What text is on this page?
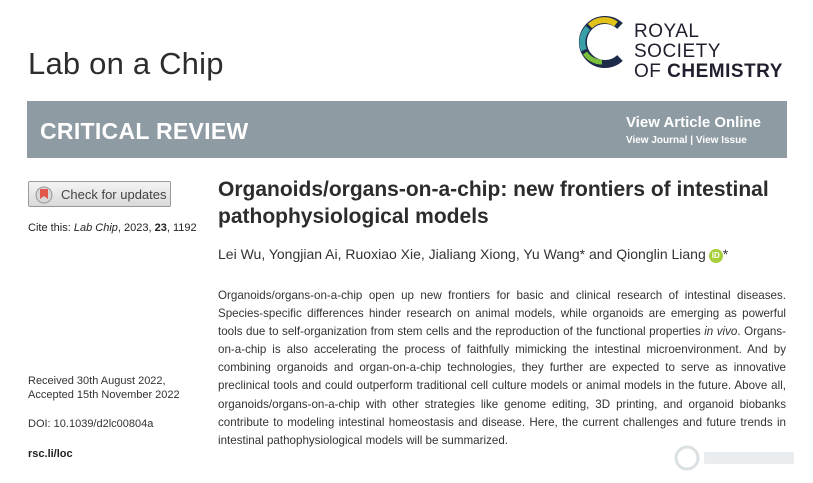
Lab on a Chip
ROYAL SOCIETY
OF CHEMISTRY
CRITICAL REVIEW	View Article Online
View Journal | View Issue
Check for updates
Cite this: Lab Chip, 2023, 23, 1192
Organoids/organs-on-a-chip: new frontiers of intestinal pathophysiological models
Lei Wu, Yongjian Ai, Ruoxiao Xie, Jialiang Xiong, Yu Wang* and Qionglin Liang iD *
Organoids/organs-on-a-chip open up new frontiers for basic and clinical research of intestinal diseases. Species-specific differences hinder research on animal models, while organoids are emerging as powerful tools due to self-organization from stem cells and the reproduction of the functional properties in vivo. Organs-on-a-chip is also accelerating the process of faithfully mimicking the intestinal microenvironment. And by combining organoids and organ-on-a-chip technologies, they further are expected to serve as innovative preclinical tools and could outperform traditional cell culture models or animal models in the future. Above all, organoids/organs-on-a-chip with other strategies like genome editing, 3D printing, and organoid biobanks contribute to modeling intestinal homeostasis and disease. Here, the current challenges and future trends in intestinal pathophysiological models will be summarized.
Received 30th August 2022,
Accepted 15th November 2022
DOI: 10.1039/d2lc00804a
rsc.li/loc
